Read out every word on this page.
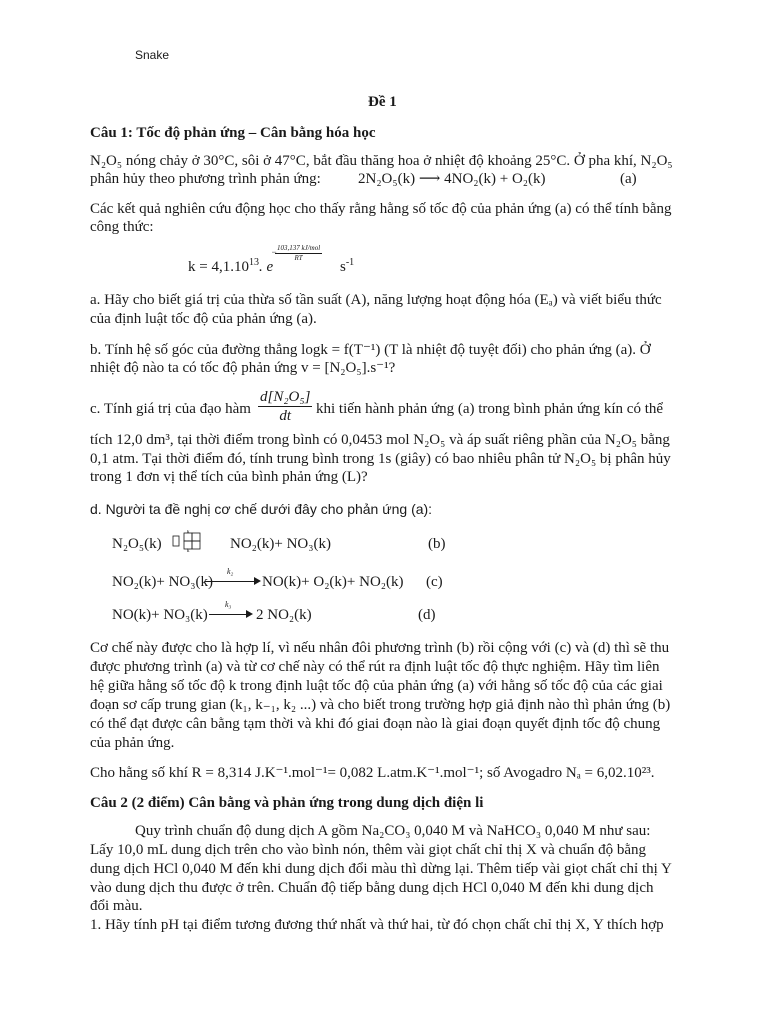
Snake
Đề 1
Câu 1: Tốc độ phản ứng – Cân bằng hóa học
N₂O₅ nóng chảy ở 30°C, sôi ở 47°C, bắt đầu thăng hoa ở nhiệt độ khoảng 25°C. Ở pha khí, N₂O₅
phân hủy theo phương trình phản ứng: 2N₂O₅(k) ⟶ 4NO₂(k) + O₂(k)	(a)
Các kết quả nghiên cứu động học cho thấy rằng hằng số tốc độ của phản ứng (a) có thể tính bằng
công thức:
$k = 4,1.10^{13}$. e
− 103,137 kJ/mol
RT
$s^{-1}$
a. Hãy cho biết giá trị của thừa số tần suất (A), năng lượng hoạt động hóa (Eₐ) và viết biểu thức
của định luật tốc độ của phản ứng (a).
b. Tính hệ số góc của đường thẳng logk = f(T⁻¹) (T là nhiệt độ tuyệt đối) cho phản ứng (a). Ở
nhiệt độ nào ta có tốc độ phản ứng v = [N₂O₅].s⁻¹?
c. Tính giá trị của đạo hàm $\frac{\text{d[N₂O₅]}}{dt}$ khi tiến hành phản ứng (a) trong bình phản ứng kín có thể
tích 12,0 dm³, tại thời điểm trong bình có 0,0453 mol N₂O₅ và áp suất riêng phần của N₂O₅ bằng
0,1 atm. Tại thời điểm đó, tính trung bình trong 1s (giây) có bao nhiêu phân tử N₂O₅ bị phân hủy
trong 1 đơn vị thể tích của bình phản ứng (L)?
d. Người ta đề nghị cơ chế dưới đây cho phản ứng (a):
N₂O₅(k)
k
k	NO₂(k)+ NO₃(k)	(b)
NO₂(k)+ NO₃(k)
k₂
NO(k)+ O₂(k)+ NO₂(k) (c)
NO(k)+ NO₃(k)
k₃
2 NO₂(k)	(d)
Cơ chế này được cho là hợp lí, vì nếu nhân đôi phương trình (b) rồi cộng với (c) và (d) thì sẽ thu
được phương trình (a) và từ cơ chế này có thể rút ra định luật tốc độ thực nghiệm. Hãy tìm liên
hệ giữa hằng số tốc độ k trong định luật tốc độ của phản ứng (a) với hằng số tốc độ của các giai
đoạn sơ cấp trung gian (k₁, k₋₁, k₂ ...) và cho biết trong trường hợp giả định nào thì phản ứng (b)
có thể đạt được cân bằng tạm thời và khi đó giai đoạn nào là giai đoạn quyết định tốc độ chung
của phản ứng.
Cho hằng số khí R = 8,314 J.K⁻¹.mol⁻¹= 0,082 L.atm.K⁻¹.mol⁻¹; số Avogadro Nₐ = 6,02.10²³.
Câu 2 (2 điểm) Cân bằng và phản ứng trong dung dịch điện li
Quy trình chuẩn độ dung dịch A gồm Na₂CO₃ 0,040 M và NaHCO₃ 0,040 M như sau:
Lấy 10,0 mL dung dịch trên cho vào bình nón, thêm vài giọt chất chỉ thị X và chuẩn độ bằng
dung dịch HCl 0,040 M đến khi dung dịch đổi màu thì dừng lại. Thêm tiếp vài giọt chất chỉ thị Y
vào dung dịch thu được ở trên. Chuẩn độ tiếp bằng dung dịch HCl 0,040 M đến khi dung dịch
đổi màu.
1. Hãy tính pH tại điểm tương đương thứ nhất và thứ hai, từ đó chọn chất chỉ thị X, Y thích hợp
